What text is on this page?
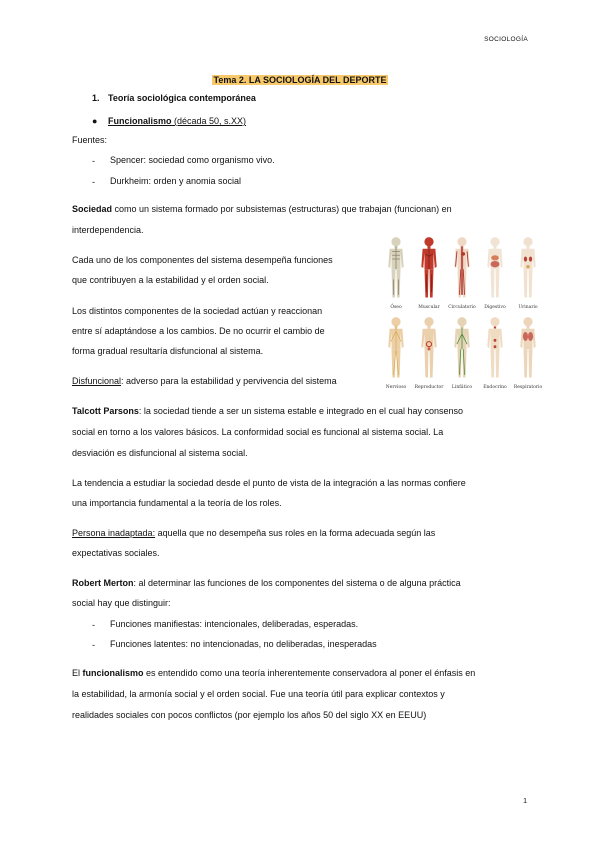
SOCIOLOGÍA
Tema 2. LA SOCIOLOGÍA DEL DEPORTE
1. Teoría sociológica contemporánea
● Funcionalismo (década 50, s.XX)
Fuentes:
- Spencer: sociedad como organismo vivo.
- Durkheim: orden y anomia social
Sociedad como un sistema formado por subsistemas (estructuras) que trabajan (funcionan) en
interdependencia.
Cada uno de los componentes del sistema desempeña funciones
que contribuyen a la estabilidad y el orden social.
Los distintos componentes de la sociedad actúan y reaccionan
entre sí adaptándose a los cambios. De no ocurrir el cambio de
forma gradual resultaría disfuncional al sistema.
Disfuncional: adverso para la estabilidad y pervivencia del sistema
Óseo	Muscular	Circulatorio	Digestivo	Urinario
Nervioso	Reproductor	Linfático	Endocrino	Respiratorio
Talcott Parsons: la sociedad tiende a ser un sistema estable e integrado en el cual hay consenso
social en torno a los valores básicos. La conformidad social es funcional al sistema social. La
desviación es disfuncional al sistema social.
La tendencia a estudiar la sociedad desde el punto de vista de la integración a las normas confiere
una importancia fundamental a la teoría de los roles.
Persona inadaptada: aquella que no desempeña sus roles en la forma adecuada según las
expectativas sociales.
Robert Merton: al determinar las funciones de los componentes del sistema o de alguna práctica
social hay que distinguir:
- Funciones manifiestas: intencionales, deliberadas, esperadas.
- Funciones latentes: no intencionadas, no deliberadas, inesperadas
El funcionalismo es entendido como una teoría inherentemente conservadora al poner el énfasis en
la estabilidad, la armonía social y el orden social. Fue una teoría útil para explicar contextos y
realidades sociales con pocos conflictos (por ejemplo los años 50 del siglo XX en EEUU)
1
